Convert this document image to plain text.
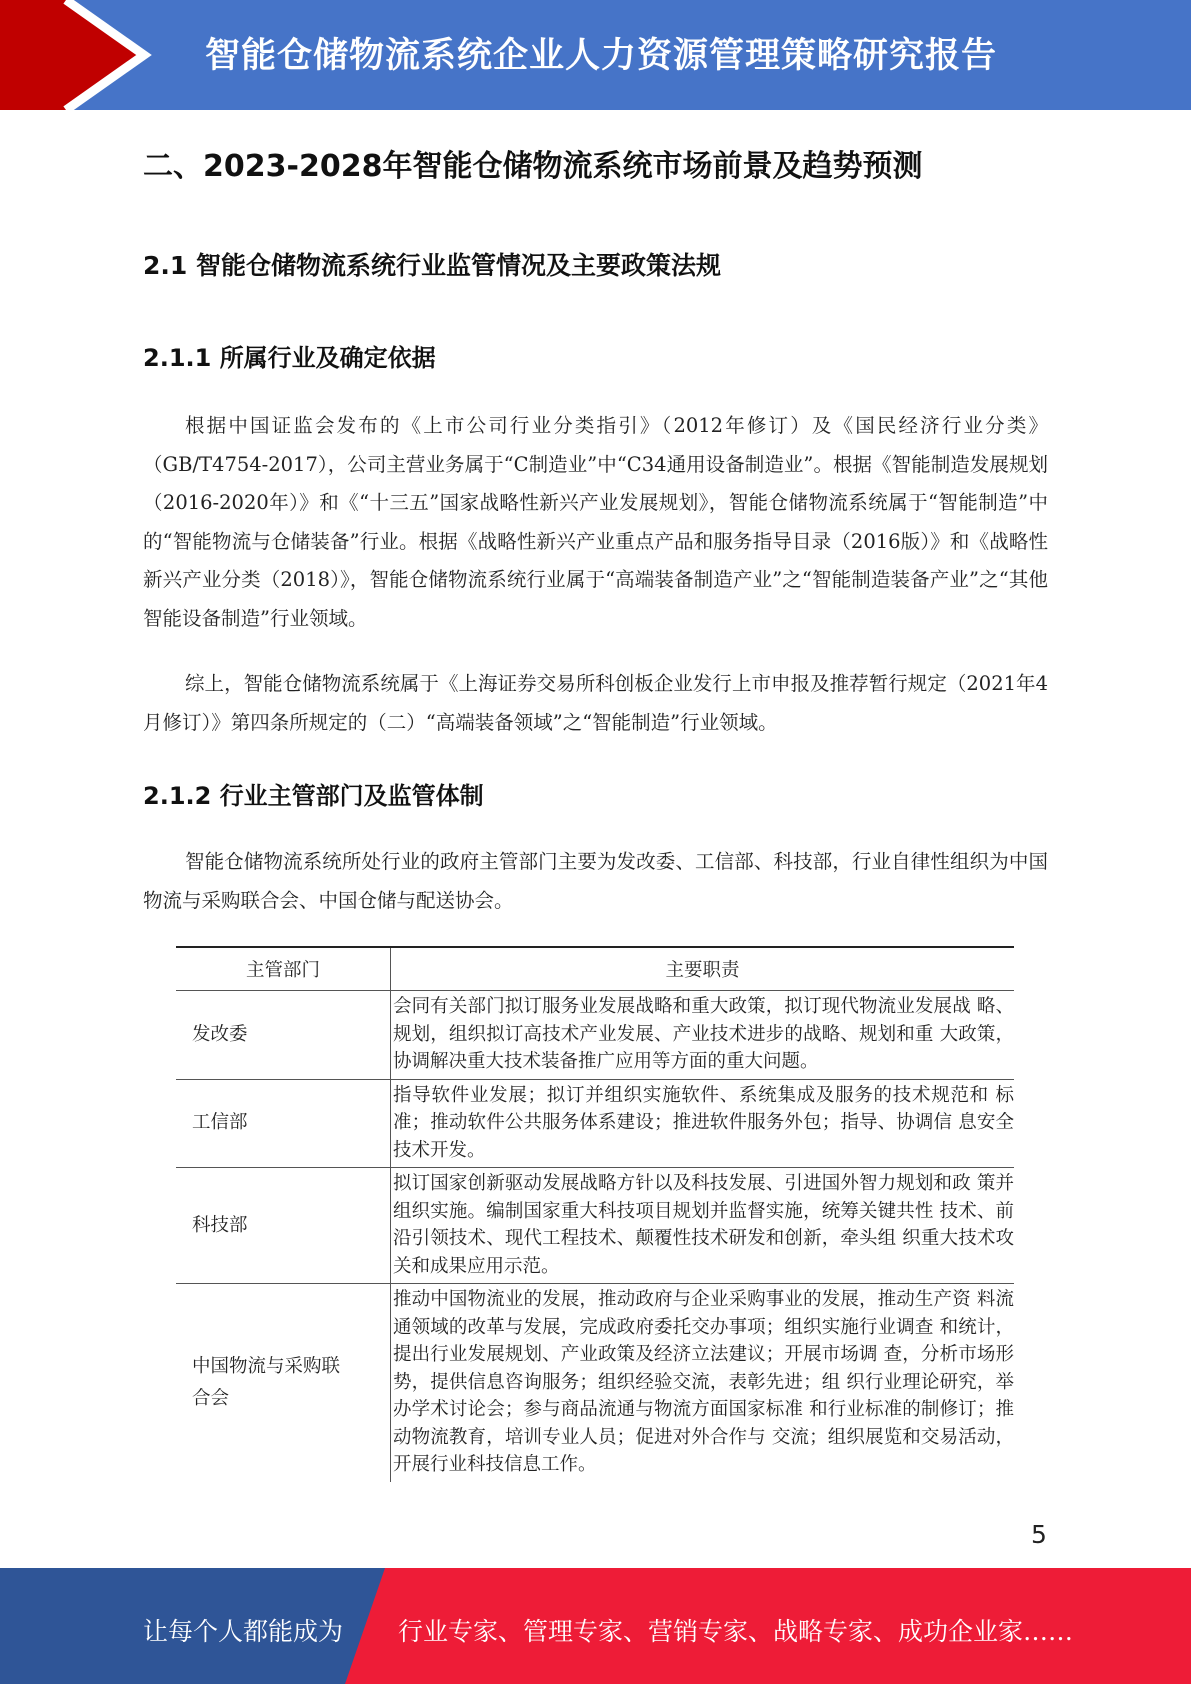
智能仓储物流系统企业人力资源管理策略研究报告
二、2023-2028年智能仓储物流系统市场前景及趋势预测
2.1 智能仓储物流系统行业监管情况及主要政策法规
2.1.1 所属行业及确定依据
根据中国证监会发布的《上市公司行业分类指引》（2012年修订）及《国民经济行业分类》（GB/T4754-2017），公司主营业务属于“C制造业”中“C34通用设备制造业”。根据《智能制造发展规划（2016-2020年）》和《“十三五”国家战略性新兴产业发展规划》，智能仓储物流系统属于“智能制造”中的“智能物流与仓储装备”行业。根据《战略性新兴产业重点产品和服务指导目录（2016版）》和《战略性新兴产业分类（2018）》，智能仓储物流系统行业属于“高端装备制造产业”之“智能制造装备产业”之“其他智能设备制造”行业领域。
综上，智能仓储物流系统属于《上海证券交易所科创板企业发行上市申报及推荐暂行规定（2021年4月修订）》第四条所规定的（二）“高端装备领域”之“智能制造”行业领域。
2.1.2 行业主管部门及监管体制
智能仓储物流系统所处行业的政府主管部门主要为发改委、工信部、科技部，行业自律性组织为中国物流与采购联合会、中国仓储与配送协会。
主管部门	主要职责
发改委	会同有关部门拟订服务业发展战略和重大政策，拟订现代物流业发展战 略、规划，组织拟订高技术产业发展、产业技术进步的战略、规划和重 大政策，协调解决重大技术装备推广应用等方面的重大问题。
工信部	指导软件业发展；拟订并组织实施软件、系统集成及服务的技术规范和 标准；推动软件公共服务体系建设；推进软件服务外包；指导、协调信 息安全技术开发。
科技部	拟订国家创新驱动发展战略方针以及科技发展、引进国外智力规划和政 策并组织实施。编制国家重大科技项目规划并监督实施，统筹关键共性 技术、前沿引领技术、现代工程技术、颠覆性技术研发和创新，牵头组 织重大技术攻关和成果应用示范。
中国物流与采购联合会	推动中国物流业的发展，推动政府与企业采购事业的发展，推动生产资 料流通领域的改革与发展，完成政府委托交办事项；组织实施行业调查 和统计，提出行业发展规划、产业政策及经济立法建议；开展市场调 查，分析市场形势，提供信息咨询服务；组织经验交流，表彰先进；组 织行业理论研究，举办学术讨论会；参与商品流通与物流方面国家标准 和行业标准的制修订；推动物流教育，培训专业人员；促进对外合作与 交流；组织展览和交易活动，开展行业科技信息工作。
5
让每个人都能成为 行业专家、管理专家、营销专家、战略专家、成功企业家……
